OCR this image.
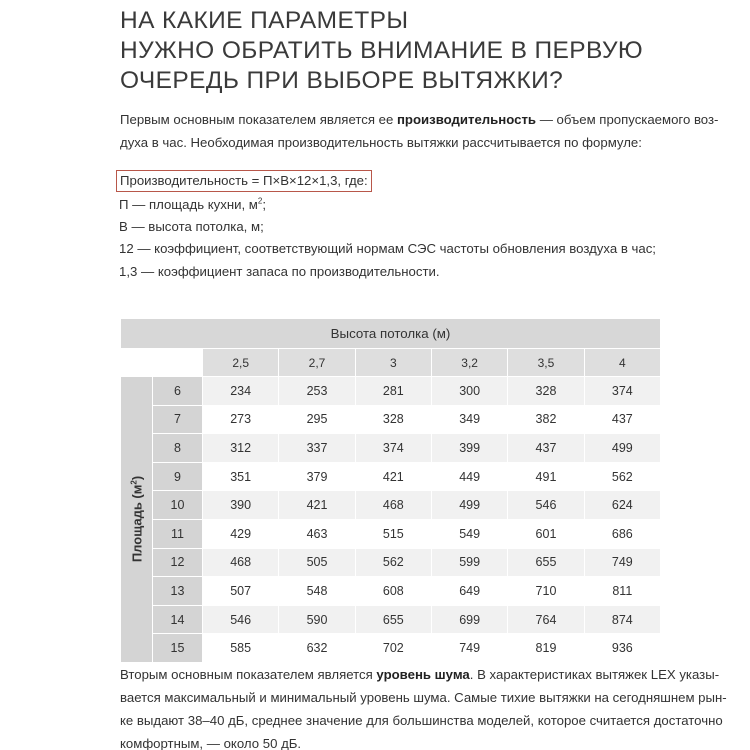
НА КАКИЕ ПАРАМЕТРЫ
НУЖНО ОБРАТИТЬ ВНИМАНИЕ В ПЕРВУЮ
ОЧЕРЕДЬ ПРИ ВЫБОРЕ ВЫТЯЖКИ?
Первым основным показателем является ее производительность — объем пропускаемого воз-
духа в час. Необходимая производительность вытяжки рассчитывается по формуле:
Производительность = П×В×12×1,3, где:
П — площадь кухни, $м^2$;
В — высота потолка, м;
12 — коэффициент, соответствующий нормам СЭС частоты обновления воздуха в час;
1,3 — коэффициент запаса по производительности.
Высота потолка (м)							
		2,5	2,7	3	3,2	3,5	4

Площадь $(м^2)$	6	234	253	281	300	328	374
	7	273	295	328	349	382	437
	8	312	337	374	399	437	499
	9	351	379	421	449	491	562
	10	390	421	468	499	546	624
	11	429	463	515	549	601	686
	12	468	505	562	599	655	749
	13	507	548	608	649	710	811
	14	546	590	655	699	764	874
	15	585	632	702	749	819	936
Вторым основным показателем является уровень шума. В характеристиках вытяжек LEX указы-
вается максимальный и минимальный уровень шума. Самые тихие вытяжки на сегодняшнем рын-
ке выдают 38–40 дБ, среднее значение для большинства моделей, которое считается достаточно
комфортным, — около 50 дБ.
